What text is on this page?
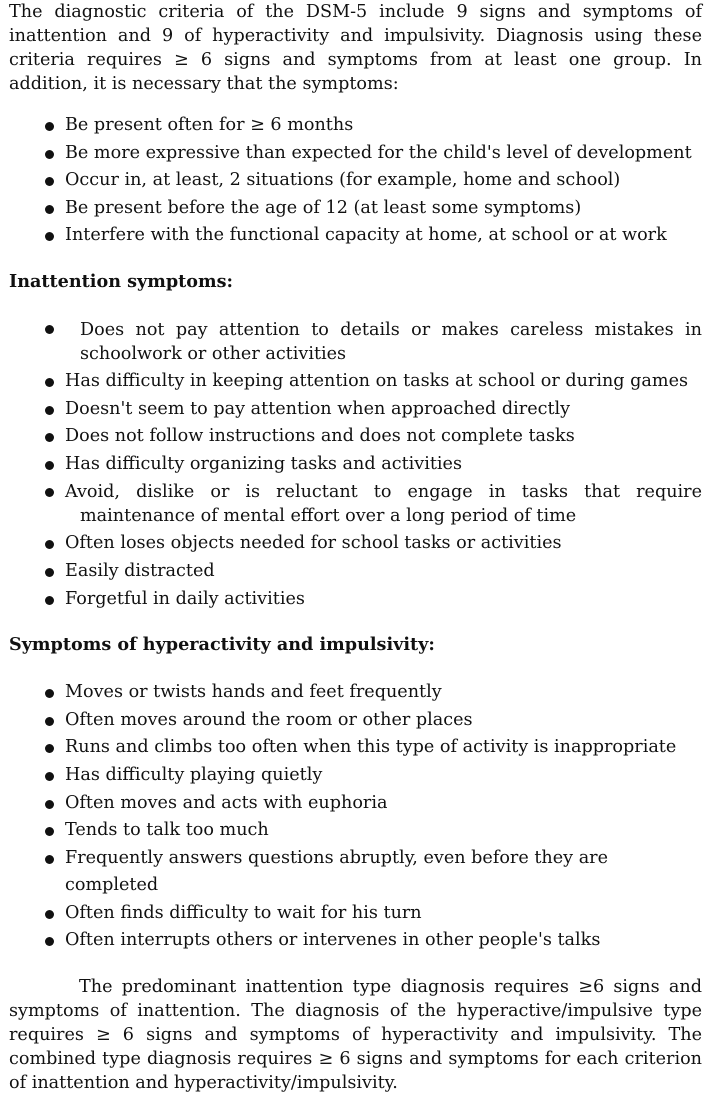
The diagnostic criteria of the DSM-5 include 9 signs and symptoms of inattention and 9 of hyperactivity and impulsivity. Diagnosis using these criteria requires ≥ 6 signs and symptoms from at least one group. In addition, it is necessary that the symptoms:

Be present often for ≥ 6 months
Be more expressive than expected for the child's level of development
Occur in, at least, 2 situations (for example, home and school)
Be present before the age of 12 (at least some symptoms)
Interfere with the functional capacity at home, at school or at work
Inattention symptoms:
Does not pay attention to details or makes careless mistakes in schoolwork or other activities
Has difficulty in keeping attention on tasks at school or during games
Doesn't seem to pay attention when approached directly
Does not follow instructions and does not complete tasks
Has difficulty organizing tasks and activities
Avoid, dislike or is reluctant to engage in tasks that require maintenance of mental effort over a long period of time
Often loses objects needed for school tasks or activities
Easily distracted
Forgetful in daily activities
Symptoms of hyperactivity and impulsivity:
Moves or twists hands and feet frequently
Often moves around the room or other places
Runs and climbs too often when this type of activity is inappropriate
Has difficulty playing quietly
Often moves and acts with euphoria
Tends to talk too much
Frequently answers questions abruptly, even before they are completed
Often finds difficulty to wait for his turn
Often interrupts others or intervenes in other people's talks

The predominant inattention type diagnosis requires ≥6 signs and symptoms of inattention. The diagnosis of the hyperactive/impulsive type requires ≥ 6 signs and symptoms of hyperactivity and impulsivity. The combined type diagnosis requires ≥ 6 signs and symptoms for each criterion of inattention and hyperactivity/impulsivity.
